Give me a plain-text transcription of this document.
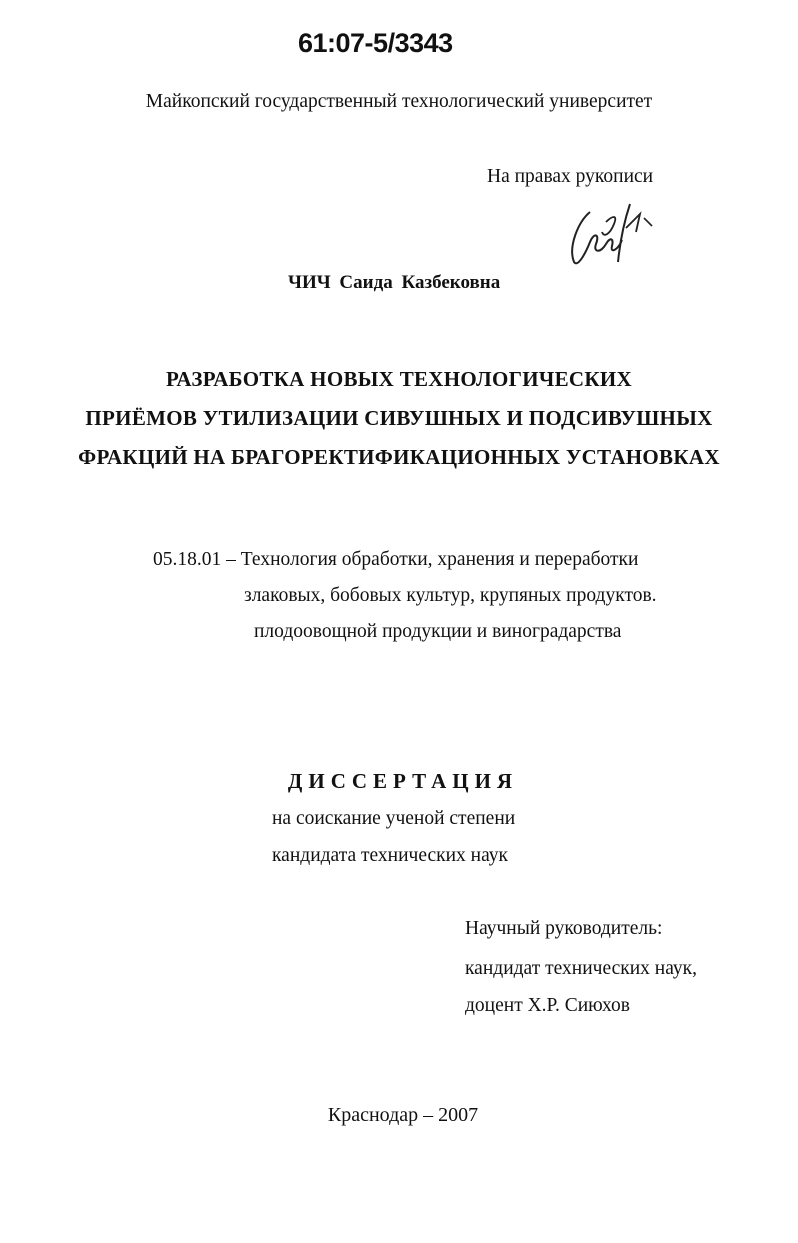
61:07-5/3343
Майкопский государственный технологический университет
На правах рукописи
ЧИЧ Саида Казбековна
РАЗРАБОТКА НОВЫХ ТЕХНОЛОГИЧЕСКИХ
ПРИЁМОВ УТИЛИЗАЦИИ СИВУШНЫХ И ПОДСИВУШНЫХ
ФРАКЦИЙ НА БРАГОРЕКТИФИКАЦИОННЫХ УСТАНОВКАХ
05.18.01 – Технология обработки, хранения и переработки
злаковых, бобовых культур, крупяных продуктов.
плодоовощной продукции и виноградарства
ДИССЕРТАЦИЯ
на соискание ученой степени
кандидата технических наук
Научный руководитель:
кандидат технических наук,
доцент Х.Р. Сиюхов
Краснодар – 2007
